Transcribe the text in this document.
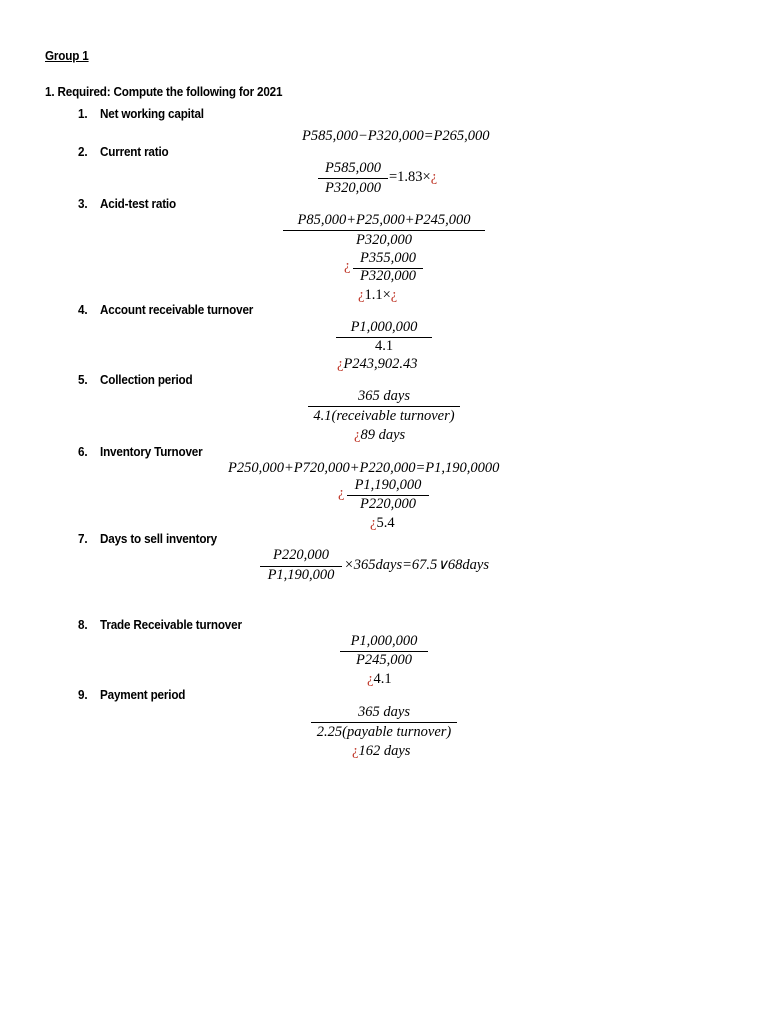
Group 1
1. Required: Compute the following for 2021
1. Net working capital
2. Current ratio
3. Acid-test ratio
4. Account receivable turnover
5. Collection period
6. Inventory Turnover
7. Days to sell inventory
8. Trade Receivable turnover
9. Payment period
P585,000−P320,000=P265,000
P585,000
P320,000
=1.83×¿
P85,000+P25,000+P245,000
P320,000
¿ P355,000
P320,000
¿1.1×¿
P1,000,000
4.1
¿P243,902.43
365 days
4.1(receivable turnover)
¿89 days
P250,000+P720,000+P220,000=P1,190,0000
¿ P1,190,000
P220,000
¿5.4
P220,000
P1,190,000
×365days=67.5∨68days
P1,000,000
P245,000
¿4.1
365 days
2.25(payable turnover)
¿162 days
